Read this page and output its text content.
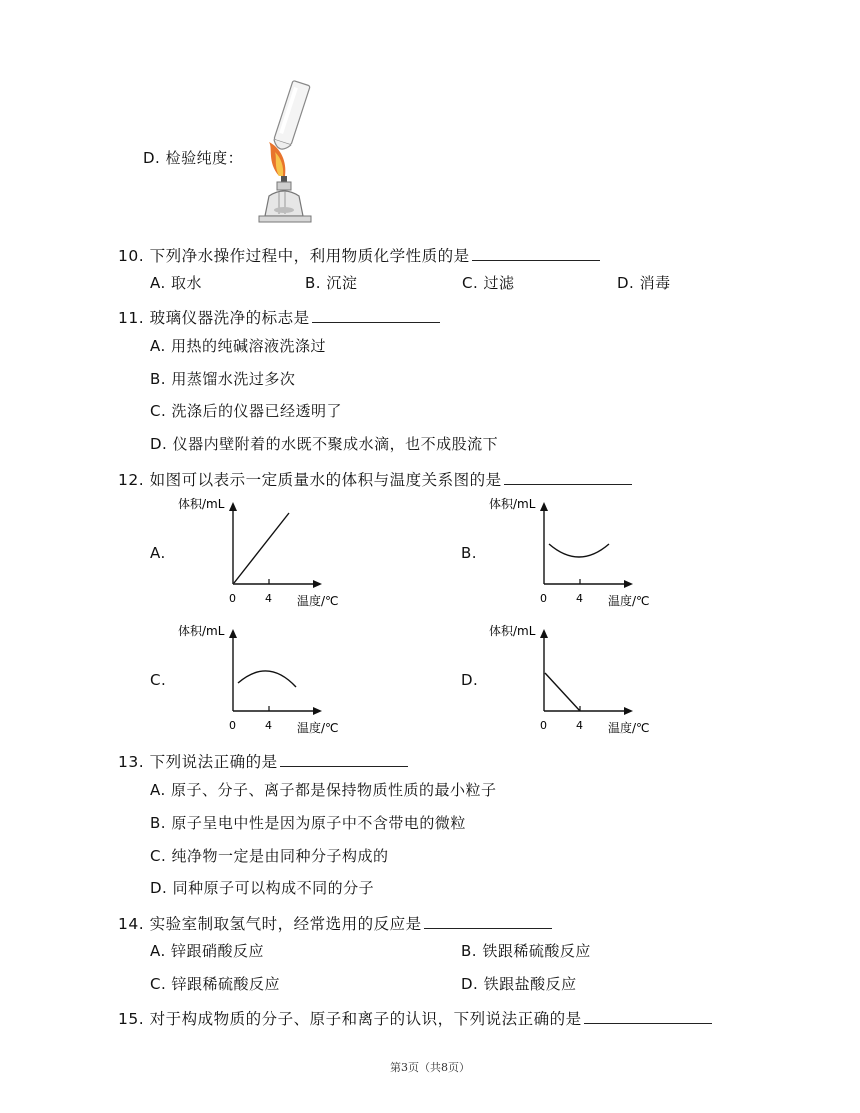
D. 检验纯度：
10. 下列净水操作过程中，利用物质化学性质的是
A. 取水	B. 沉淀	C. 过滤	D. 消毒
11. 玻璃仪器洗净的标志是
A. 用热的纯碱溶液洗涤过
B. 用蒸馏水洗过多次
C. 洗涤后的仪器已经透明了
D. 仪器内壁附着的水既不聚成水滴，也不成股流下
12. 如图可以表示一定质量水的体积与温度关系图的是
A.	B.
C.	D.
体积/mL
0	4 温度/℃
体积/mL
0	4 温度/℃
体积/mL
0	4 温度/℃
体积/mL
0	4 温度/℃
13. 下列说法正确的是
A. 原子、分子、离子都是保持物质性质的最小粒子
B. 原子呈电中性是因为原子中不含带电的微粒
C. 纯净物一定是由同种分子构成的
D. 同种原子可以构成不同的分子
14. 实验室制取氢气时，经常选用的反应是
A. 锌跟硝酸反应	B. 铁跟稀硫酸反应
C. 锌跟稀硫酸反应	D. 铁跟盐酸反应
15. 对于构成物质的分子、原子和离子的认识，下列说法正确的是
第3页（共8页）
